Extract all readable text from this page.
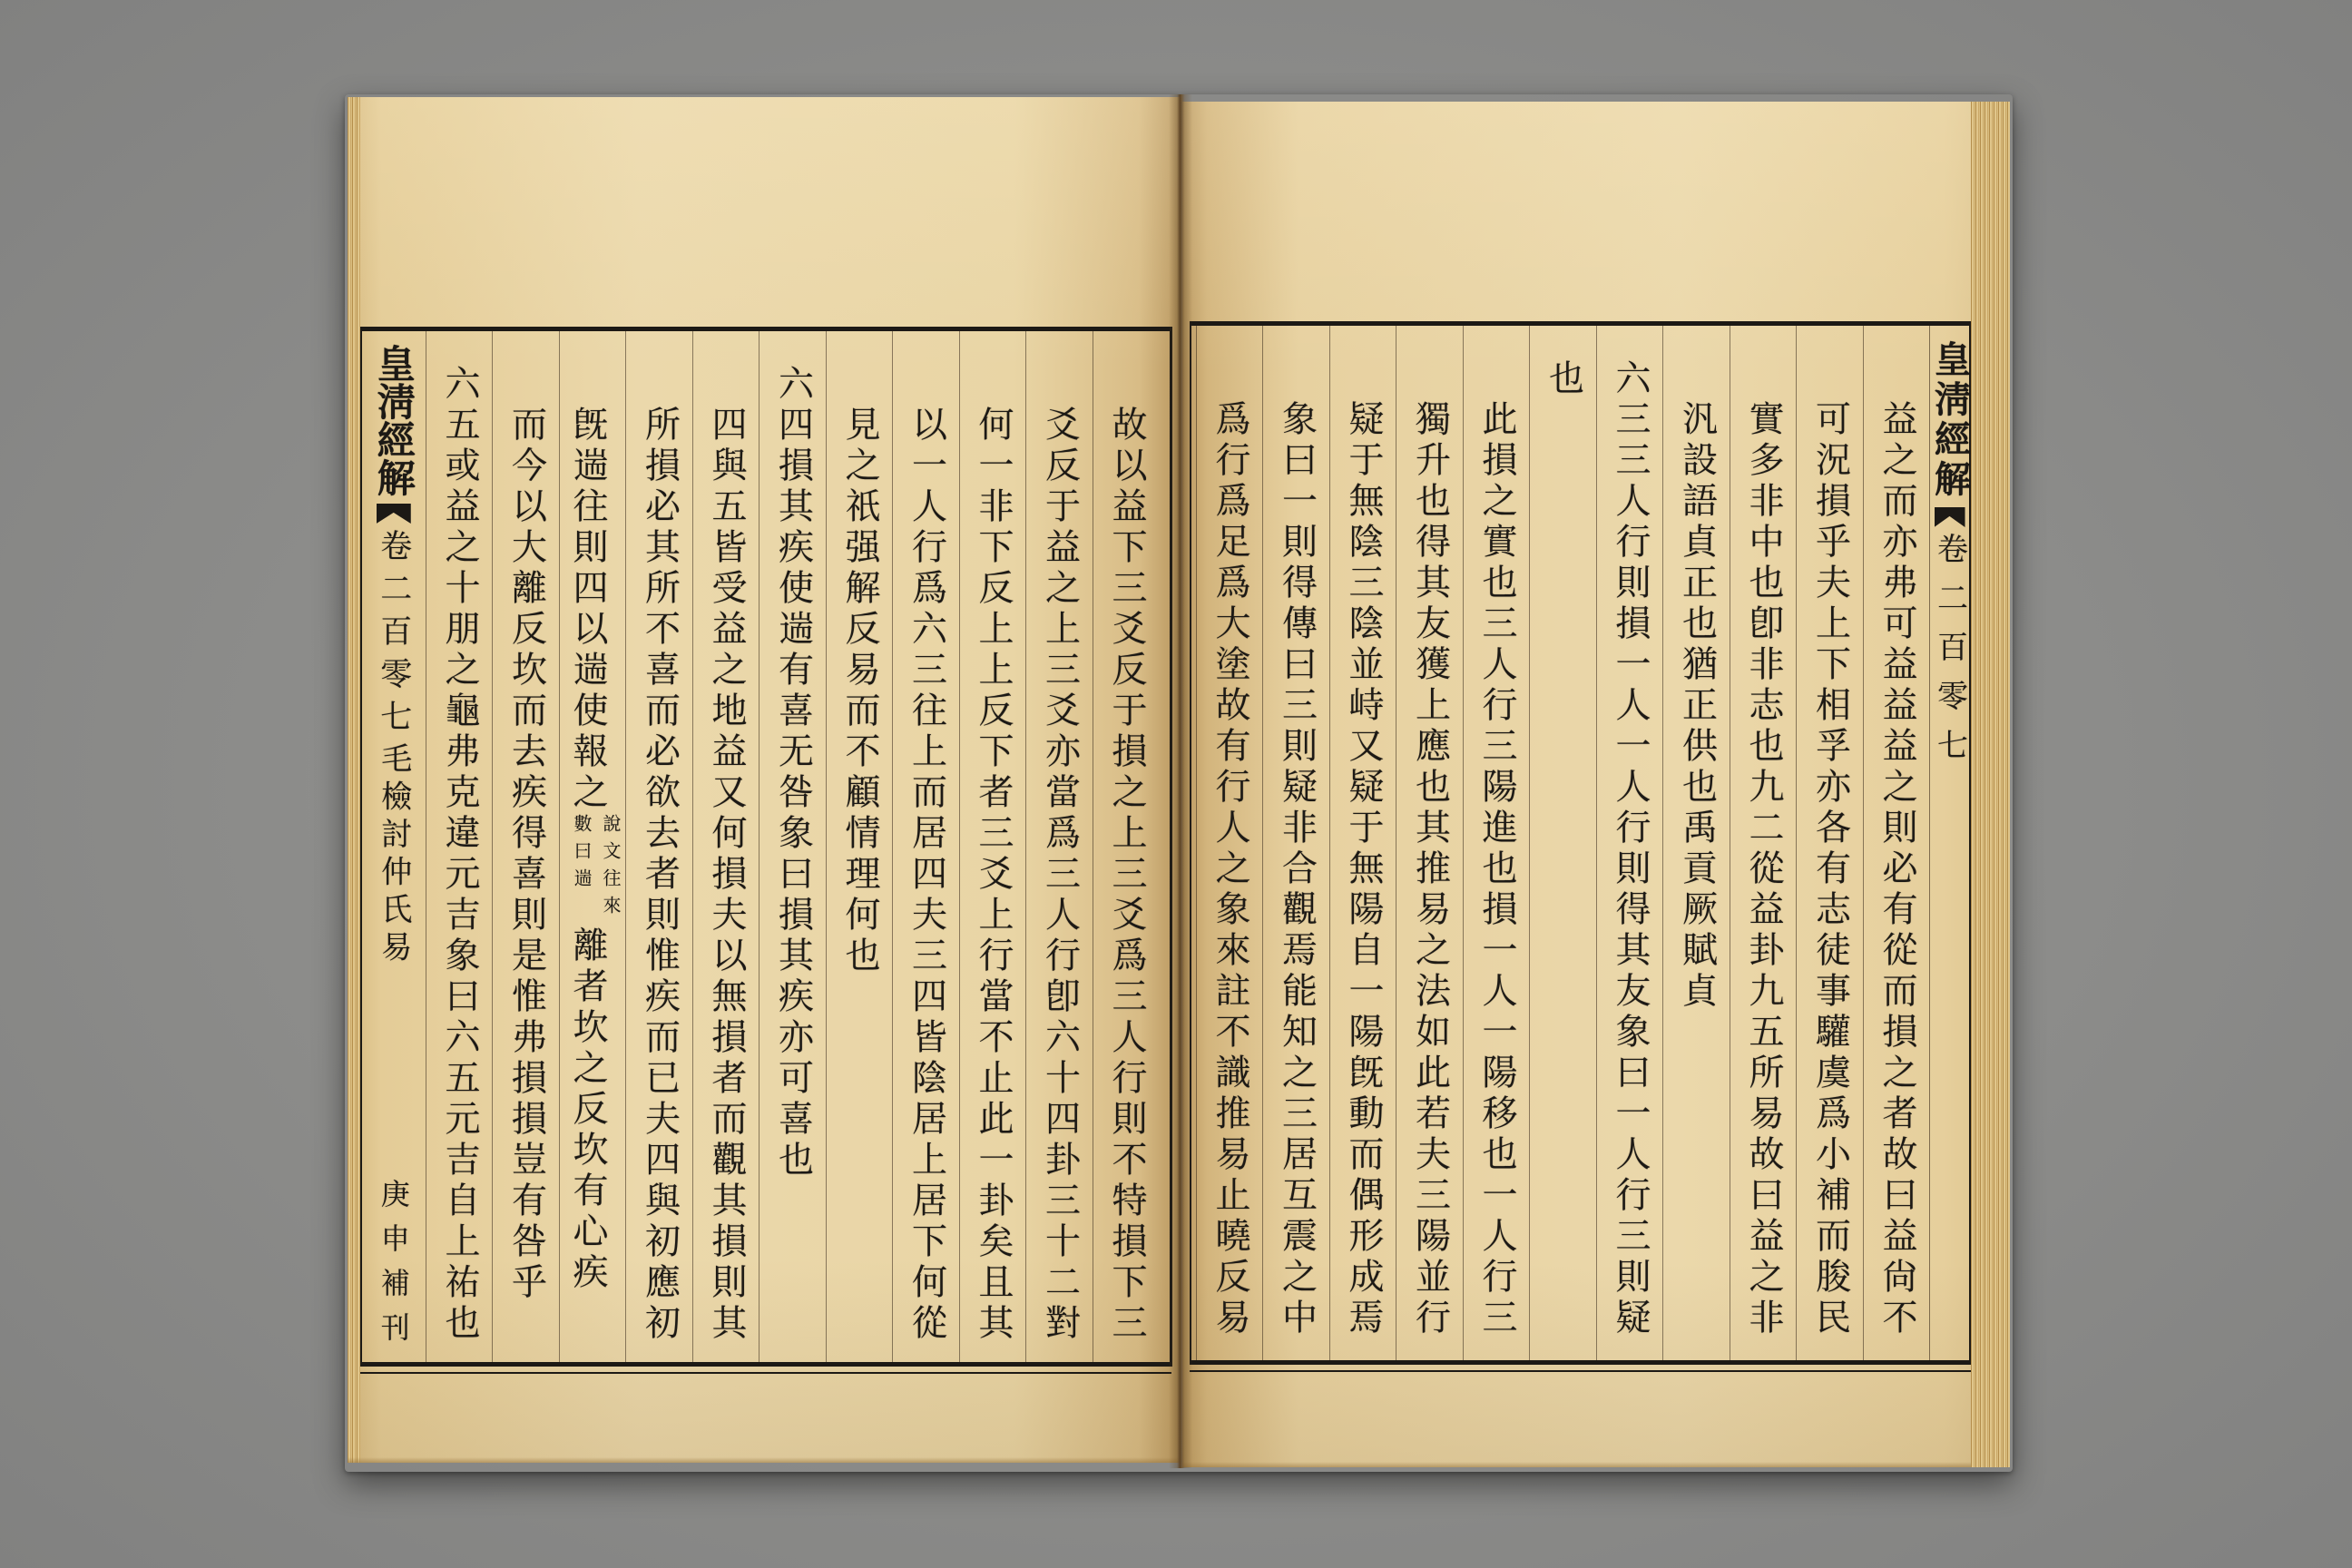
故以益下三爻反于損之上三爻爲三人行則不特損下三
爻反于益之上三爻亦當爲三人行卽六十四卦三十二對
何一非下反上上反下者三爻上行當不止此一卦矣且其
以一人行爲六三往上而居四夫三四皆陰居上居下何從
見之祇强解反易而不顧情理何也
六四損其疾使遄有喜无咎象曰損其疾亦可喜也
四與五皆受益之地益又何損夫以無損者而觀其損則其
所損必其所不喜而必欲去者則惟疾而已夫四與初應初
旣遄往則四以遄使報之說文往來數曰遄離者坎之反坎有心疾
而今以大離反坎而去疾得喜則是惟弗損損豈有咎乎
六五或益之十朋之龜弗克違元吉象曰六五元吉自上祐也
皇淸經解
卷二百零七
毛檢討仲氏易
庚申補刊
皇淸經解
卷二百零七
益之而亦弗可益益益之則必有從而損之者故曰益尙不
可況損乎夫上下相孚亦各有志徒事驩虞爲小補而朘民
實多非中也卽非志也九二從益卦九五所易故曰益之非
汎設語貞正也猶正供也禹貢厥賦貞
六三三人行則損一人一人行則得其友象曰一人行三則疑
也
此損之實也三人行三陽進也損一人一陽移也一人行三
獨升也得其友獲上應也其推易之法如此若夫三陽並行
疑于無陰三陰並峙又疑于無陽自一陽旣動而偶形成焉
象曰一則得傳曰三則疑非合觀焉能知之三居互震之中
爲行爲足爲大塗故有行人之象來註不識推易止曉反易
